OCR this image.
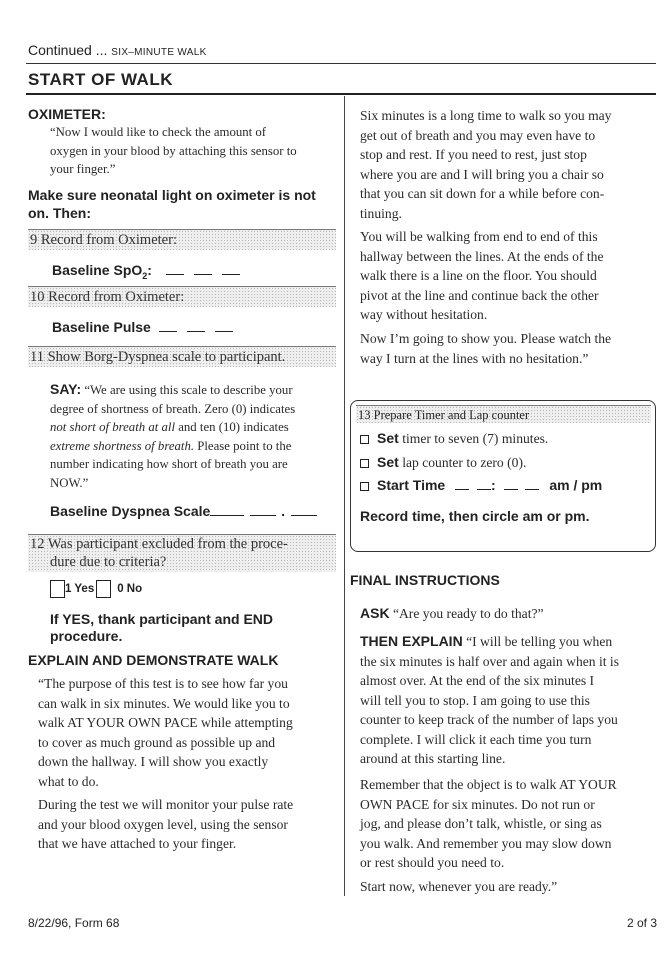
Continued ... SIX–MINUTE WALK
START OF WALK
OXIMETER:
“Now I would like to check the amount of
oxygen in your blood by attaching this sensor to
your finger.”
Make sure neonatal light on oximeter is not
on. Then:
9 Record from Oximeter:
Baseline SpO$_2$:
10 Record from Oximeter:
Baseline Pulse
11 Show Borg-Dyspnea scale to participant.
SAY: “We are using this scale to describe your
degree of shortness of breath. Zero (0) indicates
not short of breath at all and ten (10) indicates
extreme shortness of breath. Please point to the
number indicating how short of breath you are
NOW.”
Baseline Dyspnea Scale	.
12 Was participant excluded from the proce-
dure due to criteria?
1 Yes 0 No
If YES, thank participant and END
procedure.
EXPLAIN AND DEMONSTRATE WALK
“The purpose of this test is to see how far you
can walk in six minutes. We would like you to
walk AT YOUR OWN PACE while attempting
to cover as much ground as possible up and
down the hallway. I will show you exactly
what to do.
During the test we will monitor your pulse rate
and your blood oxygen level, using the sensor
that we have attached to your finger.
Six minutes is a long time to walk so you may
get out of breath and you may even have to
stop and rest. If you need to rest, just stop
where you are and I will bring you a chair so
that you can sit down for a while before con-
tinuing.
You will be walking from end to end of this
hallway between the lines. At the ends of the
walk there is a line on the floor. You should
pivot at the line and continue back the other
way without hesitation.
Now I’m going to show you. Please watch the
way I turn at the lines with no hesitation.”
13 Prepare Timer and Lap counter
Set timer to seven (7) minutes.
Set lap counter to zero (0).
Start Time	:	am / pm
Record time, then circle am or pm.
FINAL INSTRUCTIONS
ASK “Are you ready to do that?”
THEN EXPLAIN “I will be telling you when
the six minutes is half over and again when it is
almost over. At the end of the six minutes I
will tell you to stop. I am going to use this
counter to keep track of the number of laps you
complete. I will click it each time you turn
around at this starting line.
Remember that the object is to walk AT YOUR
OWN PACE for six minutes. Do not run or
jog, and please don’t talk, whistle, or sing as
you walk. And remember you may slow down
or rest should you need to.
Start now, whenever you are ready.”
8/22/96, Form 68	2 of 3
